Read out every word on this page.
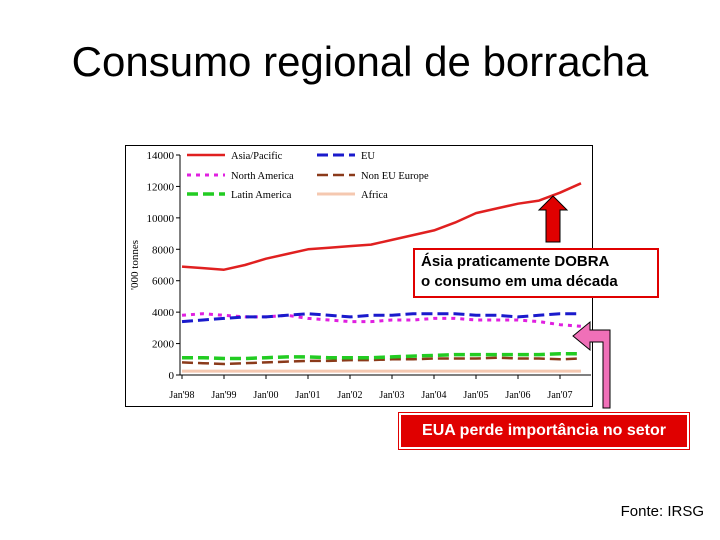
Consumo regional de borracha
0
2000
4000
6000
8000
10000
12000
14000
'000 tonnes
Jan'98 Jan'99 Jan'00 Jan'01 Jan'02 Jan'03 Jan'04 Jan'05 Jan'06 Jan'07
Asia/Pacific	EU
North America	Non EU Europe
Latin America	Africa
Ásia praticamente DOBRA
o consumo em uma década
EUA perde importância no setor
Fonte: IRSG
